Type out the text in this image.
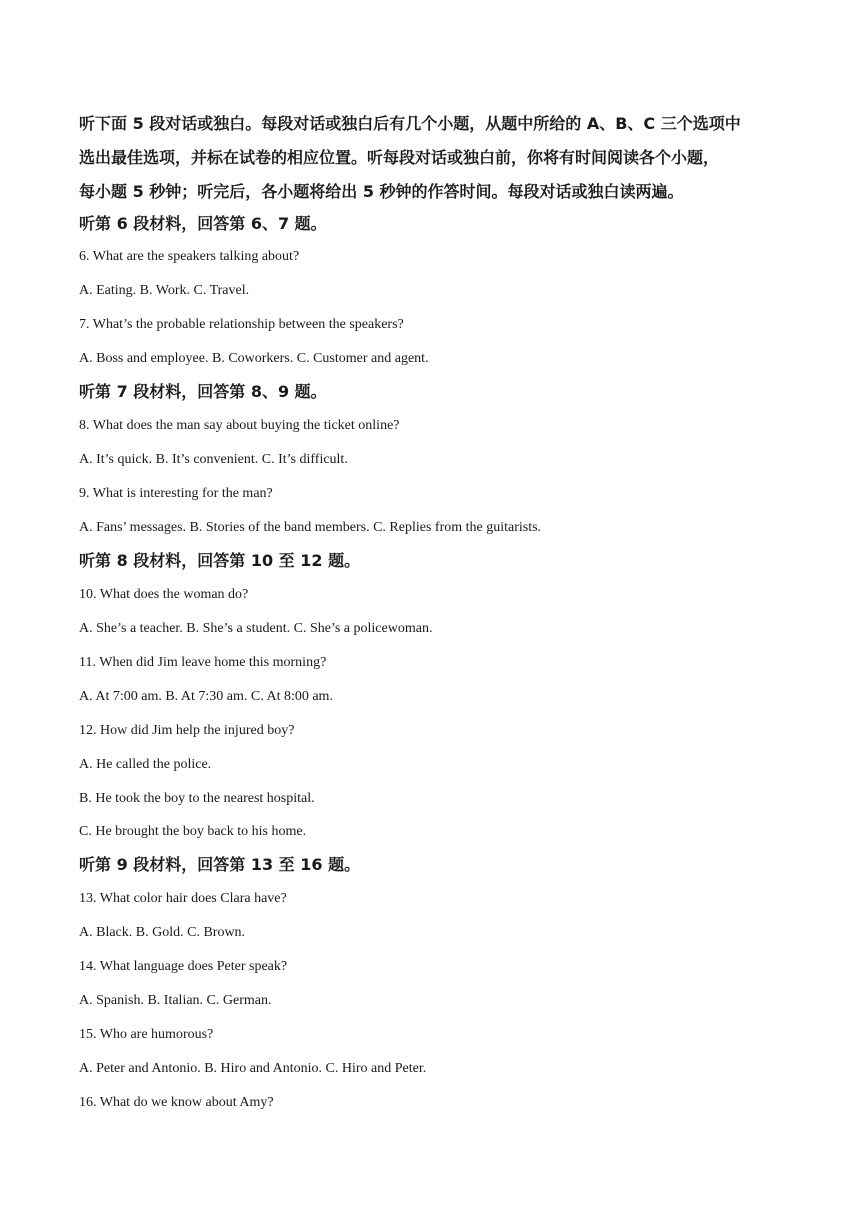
听下面 5 段对话或独白。每段对话或独白后有几个小题，从题中所给的 A、B、C 三个选项中

选出最佳选项，并标在试卷的相应位置。听每段对话或独白前，你将有时间阅读各个小题，

每小题 5 秒钟；听完后，各小题将给出 5 秒钟的作答时间。每段对话或独白读两遍。

听第 6 段材料，回答第 6、7 题。
6. What are the speakers talking about?
A. Eating. B. Work. C. Travel.
7. What’s the probable relationship between the speakers?
A. Boss and employee. B. Coworkers. C. Customer and agent.
听第 7 段材料，回答第 8、9 题。
8. What does the man say about buying the ticket online?
A. It’s quick. B. It’s convenient. C. It’s difficult.
9. What is interesting for the man?
A. Fans’ messages. B. Stories of the band members. C. Replies from the guitarists.
听第 8 段材料，回答第 10 至 12 题。
10. What does the woman do?
A. She’s a teacher. B. She’s a student. C. She’s a policewoman.
11. When did Jim leave home this morning?
A. At 7:00 am. B. At 7:30 am. C. At 8:00 am.
12. How did Jim help the injured boy?
A. He called the police.
B. He took the boy to the nearest hospital.
C. He brought the boy back to his home.
听第 9 段材料，回答第 13 至 16 题。
13. What color hair does Clara have?
A. Black. B. Gold. C. Brown.
14. What language does Peter speak?
A. Spanish. B. Italian. C. German.
15. Who are humorous?
A. Peter and Antonio. B. Hiro and Antonio. C. Hiro and Peter.
16. What do we know about Amy?
